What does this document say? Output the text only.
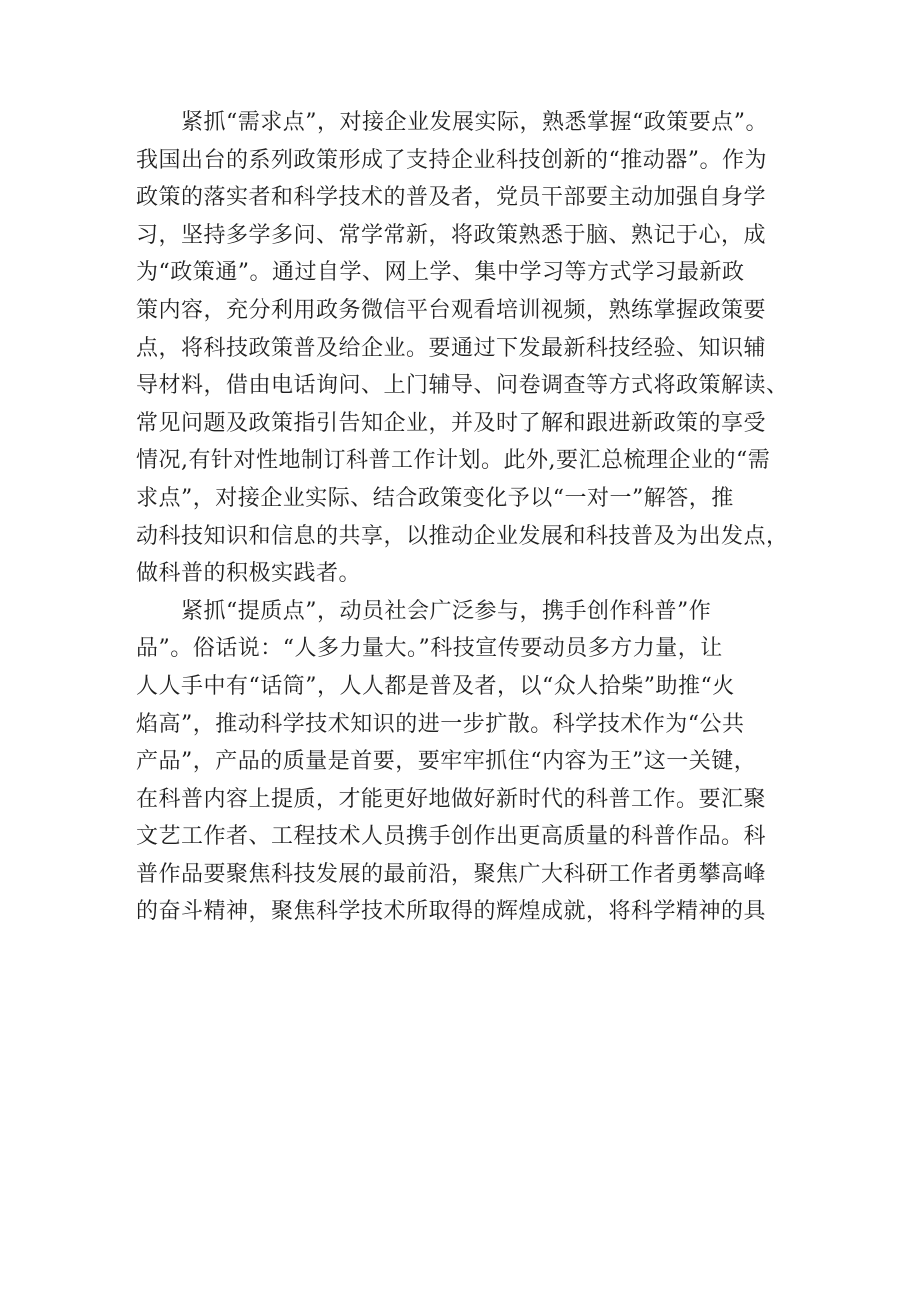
　　紧抓“需求点”，对接企业发展实际，熟悉掌握“政策要点”。
我国出台的系列政策形成了支持企业科技创新的“推动器”。作为
政策的落实者和科学技术的普及者，党员干部要主动加强自身学
习，坚持多学多问、常学常新，将政策熟悉于脑、熟记于心，成
为“政策通”。通过自学、网上学、集中学习等方式学习最新政
策内容，充分利用政务微信平台观看培训视频，熟练掌握政策要
点，将科技政策普及给企业。要通过下发最新科技经验、知识辅
导材料，借由电话询问、上门辅导、问卷调查等方式将政策解读、
常见问题及政策指引告知企业，并及时了解和跟进新政策的享受
情况,有针对性地制订科普工作计划。此外,要汇总梳理企业的“需
求点”，对接企业实际、结合政策变化予以“一对一”解答，推
动科技知识和信息的共享，以推动企业发展和科技普及为出发点，
做科普的积极实践者。

　　紧抓“提质点”，动员社会广泛参与，携手创作科普”作
品”。俗话说：“人多力量大。”科技宣传要动员多方力量，让
人人手中有“话筒”，人人都是普及者，以“众人拾柴”助推“火
焰高”，推动科学技术知识的进一步扩散。科学技术作为“公共
产品”，产品的质量是首要，要牢牢抓住“内容为王”这一关键，
在科普内容上提质，才能更好地做好新时代的科普工作。要汇聚
文艺工作者、工程技术人员携手创作出更高质量的科普作品。科
普作品要聚焦科技发展的最前沿，聚焦广大科研工作者勇攀高峰
的奋斗精神，聚焦科学技术所取得的辉煌成就，将科学精神的具
